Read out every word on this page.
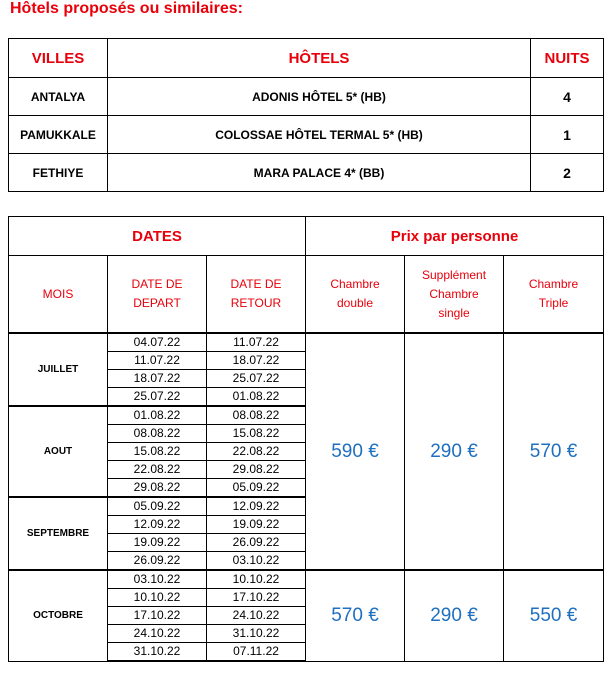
Hôtels proposés ou similaires:
VILLES	HÔTELS	NUITS
ANTALYA	ADONIS HÔTEL 5* (HB)	4
PAMUKKALE	COLOSSAE HÔTEL TERMAL 5* (HB)	1
FETHIYE	MARA PALACE 4* (BB)	2
DATES			Prix par personne		
MOIS	DATE DE DEPART	DATE DE RETOUR	Chambre double	Supplément Chambre single	Chambre Triple

JUILLET	04.07.22	11.07.22	590 €	290 €	570 €
	11.07.22	18.07.22			
	18.07.22	25.07.22			
	25.07.22	01.08.22			
AOUT	01.08.22	08.08.22			
	08.08.22	15.08.22			
	15.08.22	22.08.22			
	22.08.22	29.08.22			
	29.08.22	05.09.22			
SEPTEMBRE	05.09.22	12.09.22			
	12.09.22	19.09.22			
	19.09.22	26.09.22			
	26.09.22	03.10.22			
OCTOBRE	03.10.22	10.10.22	570 €	290 €	550 €
	10.10.22	17.10.22			
	17.10.22	24.10.22			
	24.10.22	31.10.22			
	31.10.22	07.11.22			
